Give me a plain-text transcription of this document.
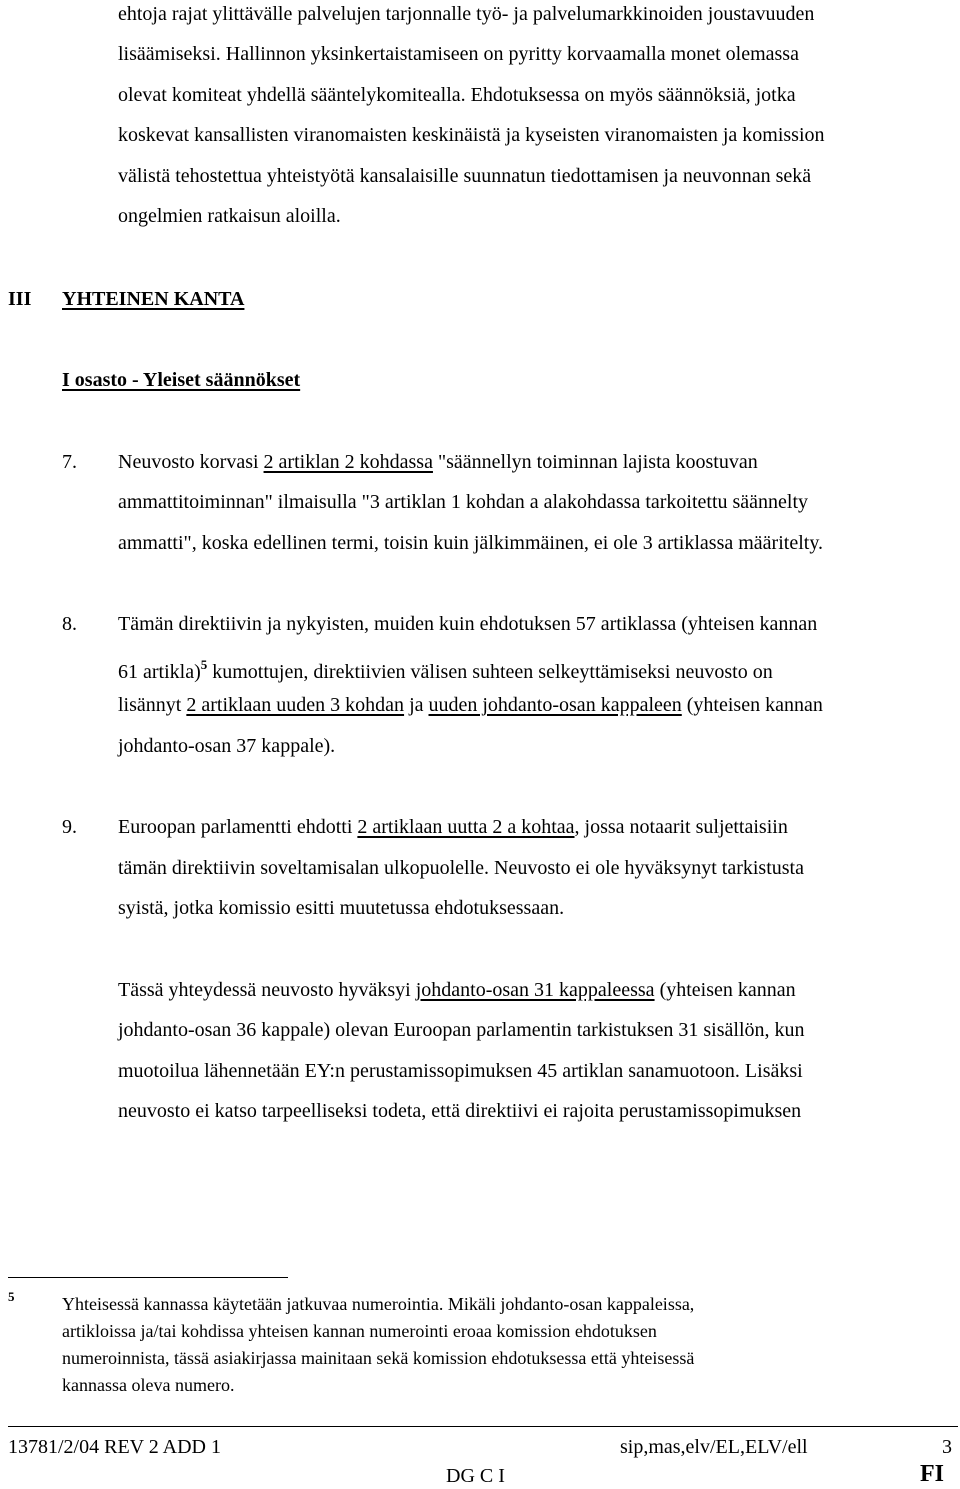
ehtoja rajat ylittävälle palvelujen tarjonnalle työ- ja palvelumarkkinoiden joustavuuden
lisäämiseksi. Hallinnon yksinkertaistamiseen on pyritty korvaamalla monet olemassa
olevat komiteat yhdellä sääntelykomitealla. Ehdotuksessa on myös säännöksiä, jotka
koskevat kansallisten viranomaisten keskinäistä ja kyseisten viranomaisten ja komission
välistä tehostettua yhteistyötä kansalaisille suunnatun tiedottamisen ja neuvonnan sekä
ongelmien ratkaisun aloilla.
III YHTEINEN KANTA
I osasto - Yleiset säännökset
7. Neuvosto korvasi 2 artiklan 2 kohdassa "säännellyn toiminnan lajista koostuvan
ammattitoiminnan" ilmaisulla "3 artiklan 1 kohdan a alakohdassa tarkoitettu säännelty
ammatti", koska edellinen termi, toisin kuin jälkimmäinen, ei ole 3 artiklassa määritelty.
8. Tämän direktiivin ja nykyisten, muiden kuin ehdotuksen 57 artiklassa (yhteisen kannan
61 artikla)$^5$ kumottujen, direktiivien välisen suhteen selkeyttämiseksi neuvosto on
lisännyt 2 artiklaan uuden 3 kohdan ja uuden johdanto-osan kappaleen (yhteisen kannan
johdanto-osan 37 kappale).
9. Euroopan parlamentti ehdotti 2 artiklaan uutta 2 a kohtaa, jossa notaarit suljettaisiin
tämän direktiivin soveltamisalan ulkopuolelle. Neuvosto ei ole hyväksynyt tarkistusta
syistä, jotka komissio esitti muutetussa ehdotuksessaan.
Tässä yhteydessä neuvosto hyväksyi johdanto-osan 31 kappaleessa (yhteisen kannan
johdanto-osan 36 kappale) olevan Euroopan parlamentin tarkistuksen 31 sisällön, kun
muotoilua lähennetään EY:n perustamissopimuksen 45 artiklan sanamuotoon. Lisäksi
neuvosto ei katso tarpeelliseksi todeta, että direktiivi ei rajoita perustamissopimuksen
5	Yhteisessä kannassa käytetään jatkuvaa numerointia. Mikäli johdanto-osan kappaleissa,
artikloissa ja/tai kohdissa yhteisen kannan numerointi eroaa komission ehdotuksen
numeroinnista, tässä asiakirjassa mainitaan sekä komission ehdotuksessa että yhteisessä
kannassa oleva numero.
13781/2/04 REV 2 ADD 1	sip,mas,elv/EL,ELV/ell	3
DG C I	FI
